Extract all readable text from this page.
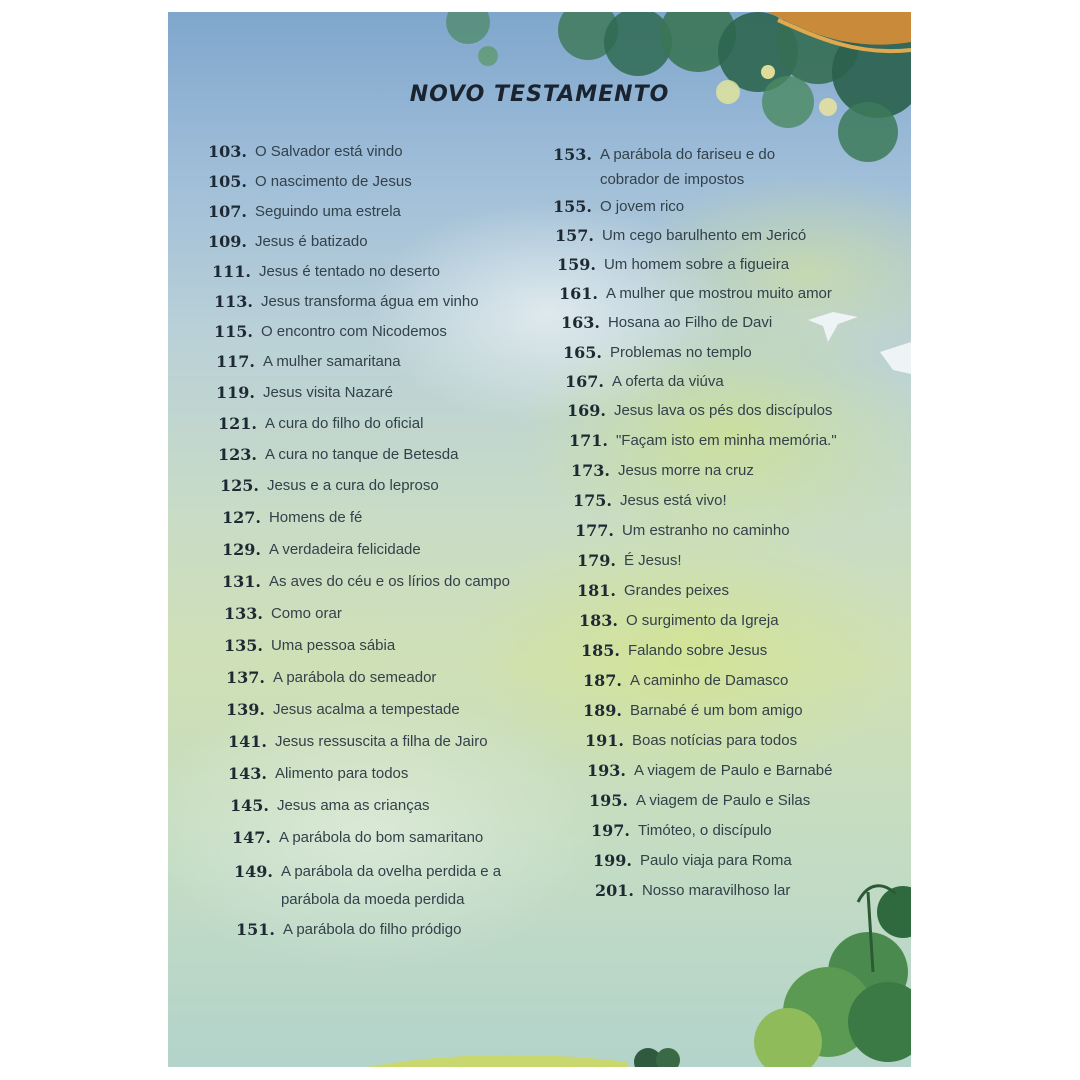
NOVO TESTAMENTO
103. O Salvador está vindo
105. O nascimento de Jesus
107. Seguindo uma estrela
109. Jesus é batizado
111. Jesus é tentado no deserto
113. Jesus transforma água em vinho
115. O encontro com Nicodemos
117. A mulher samaritana
119. Jesus visita Nazaré
121. A cura do filho do oficial
123. A cura no tanque de Betesda
125. Jesus e a cura do leproso
127. Homens de fé
129. A verdadeira felicidade
131. As aves do céu e os lírios do campo
133. Como orar
135. Uma pessoa sábia
137. A parábola do semeador
139. Jesus acalma a tempestade
141. Jesus ressuscita a filha de Jairo
143. Alimento para todos
145. Jesus ama as crianças
147. A parábola do bom samaritano
149. A parábola da ovelha perdida e a parábola da moeda perdida
151. A parábola do filho pródigo
153. A parábola do fariseu e do cobrador de impostos
155. O jovem rico
157. Um cego barulhento em Jericó
159. Um homem sobre a figueira
161. A mulher que mostrou muito amor
163. Hosana ao Filho de Davi
165. Problemas no templo
167. A oferta da viúva
169. Jesus lava os pés dos discípulos
171. "Façam isto em minha memória."
173. Jesus morre na cruz
175. Jesus está vivo!
177. Um estranho no caminho
179. É Jesus!
181. Grandes peixes
183. O surgimento da Igreja
185. Falando sobre Jesus
187. A caminho de Damasco
189. Barnabé é um bom amigo
191. Boas notícias para todos
193. A viagem de Paulo e Barnabé
195. A viagem de Paulo e Silas
197. Timóteo, o discípulo
199. Paulo viaja para Roma
201. Nosso maravilhoso lar
